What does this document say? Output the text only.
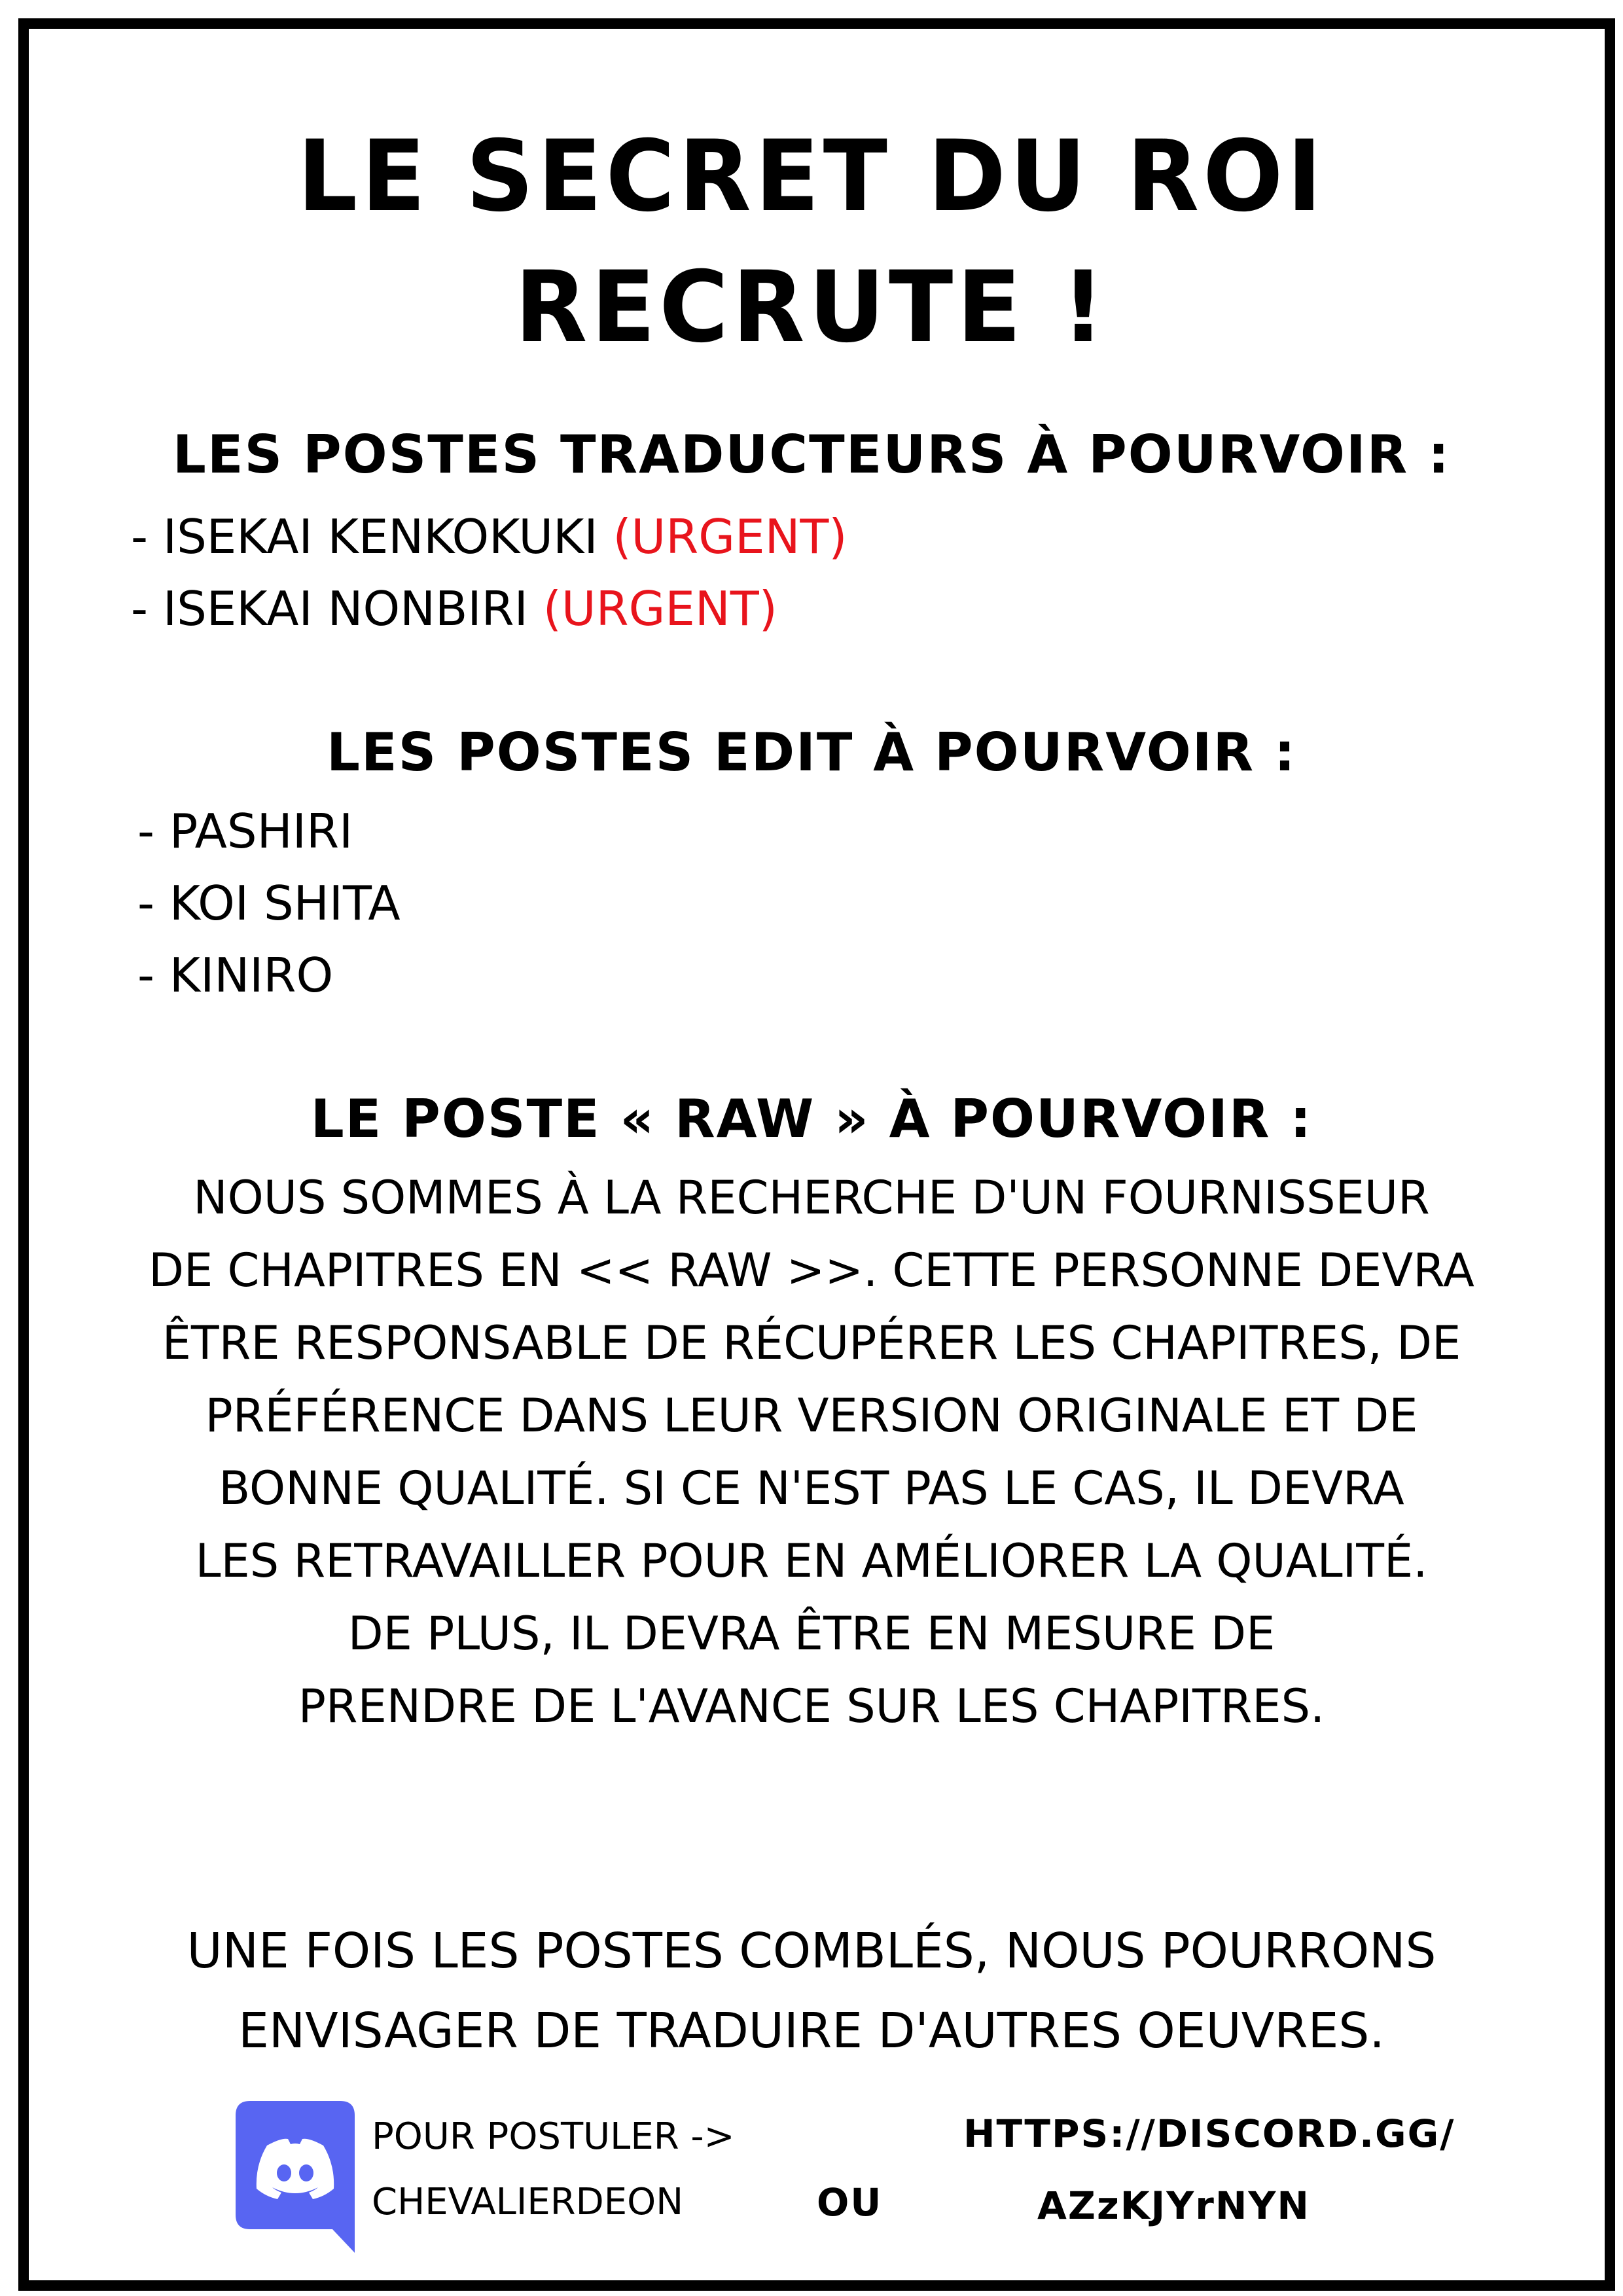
LE SECRET DU ROI RECRUTE !
LES POSTES TRADUCTEURS À POURVOIR :
- ISEKAI KENKOKUKI (URGENT)
- ISEKAI NONBIRI (URGENT)
LES POSTES EDIT À POURVOIR :
- PASHIRI
- KOI SHITA
- KINIRO
LE POSTE « RAW » À POURVOIR :
NOUS SOMMES À LA RECHERCHE D'UN FOURNISSEUR
DE CHAPITRES EN << RAW >>. CETTE PERSONNE DEVRA
ÊTRE RESPONSABLE DE RÉCUPÉRER LES CHAPITRES, DE
PRÉFÉRENCE DANS LEUR VERSION ORIGINALE ET DE
BONNE QUALITÉ. SI CE N'EST PAS LE CAS, IL DEVRA
LES RETRAVAILLER POUR EN AMÉLIORER LA QUALITÉ.
DE PLUS, IL DEVRA ÊTRE EN MESURE DE
PRENDRE DE L'AVANCE SUR LES CHAPITRES.
UNE FOIS LES POSTES COMBLÉS, NOUS POURRONS
ENVISAGER DE TRADUIRE D'AUTRES OEUVRES.
POUR POSTULER ->
CHEVALIERDEON	OU
HTTPS://DISCORD.GG/
AZzKJYrNYN
